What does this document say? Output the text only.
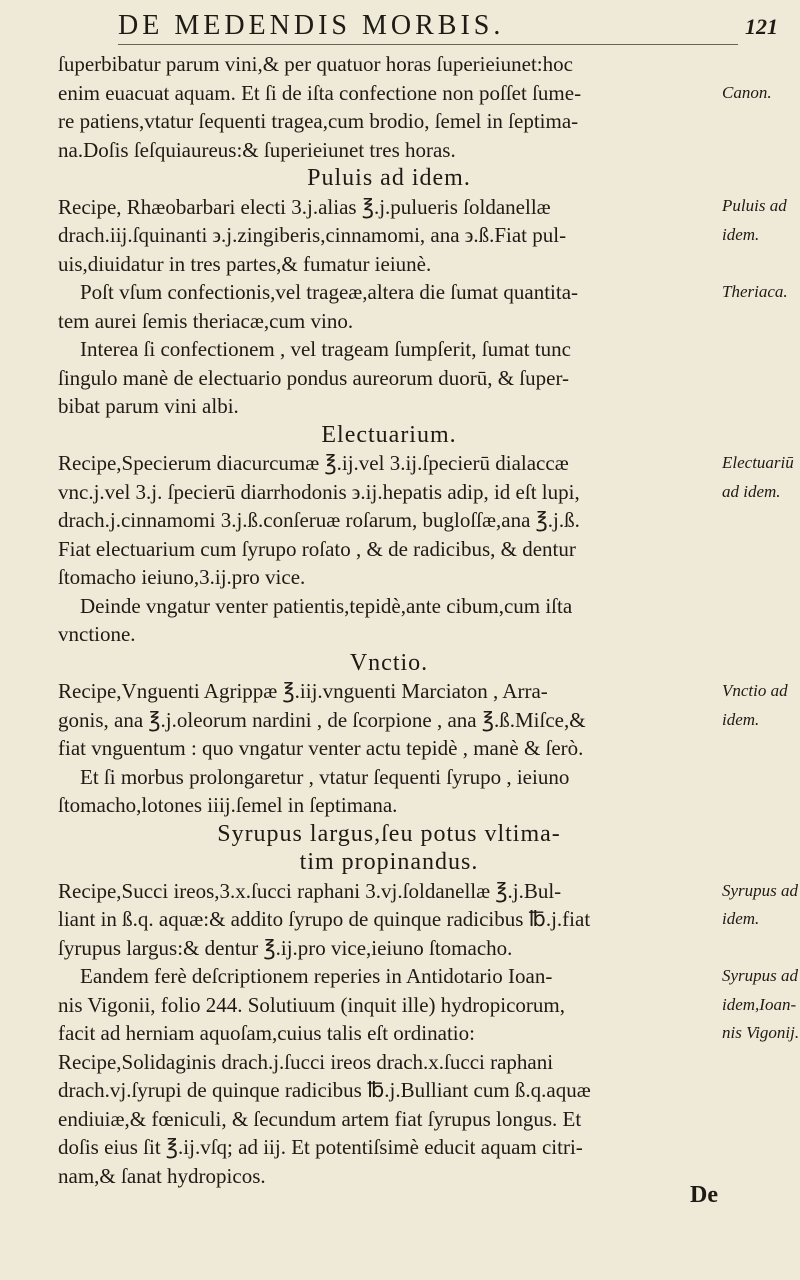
DE MEDENDIS MORBIS.	121
ſuperbibatur parum vini,& per quatuor horas ſuperieiunet:hoc
enim euacuat aquam. Et ſi de iſta confectione non poſſet ſume-
re patiens,vtatur ſequenti tragea,cum brodio, ſemel in ſeptima-
na.Doſis ſeſquiaureus:& ſuperieiunet tres horas.
Puluis ad idem.
Recipe, Rhæobarbari electi 3.j.alias ℥.j.pulueris ſoldanellæ
drach.iij.ſquinanti ϶.j.zingiberis,cinnamomi, ana ϶.ß.Fiat pul-
uis,diuidatur in tres partes,& fumatur ieiunè.
Poſt vſum confectionis,vel trageæ,altera die ſumat quantita-
tem aurei ſemis theriacæ,cum vino.
Interea ſi confectionem , vel trageam ſumpſerit, ſumat tunc
ſingulo manè de electuario pondus aureorum duorū, & ſuper-
bibat parum vini albi.
Electuarium.
Recipe,Specierum diacurcumæ ℥.ij.vel 3.ij.ſpecierū dialaccæ
vnc.j.vel 3.j. ſpecierū diarrhodonis ϶.ij.hepatis adip, id eſt lupi,
drach.j.cinnamomi 3.j.ß.conſeruæ roſarum, bugloſſæ,ana ℥.j.ß.
Fiat electuarium cum ſyrupo roſato , & de radicibus, & dentur
ſtomacho ieiuno,3.ij.pro vice.
Deinde vngatur venter patientis,tepidè,ante cibum,cum iſta
vnctione.
Vnctio.
Recipe,Vnguenti Agrippæ ℥.iij.vnguenti Marciaton , Arra-
gonis, ana ℥.j.oleorum nardini , de ſcorpione , ana ℥.ß.Miſce,&
fiat vnguentum : quo vngatur venter actu tepidè , manè & ſerò.
Et ſi morbus prolongaretur , vtatur ſequenti ſyrupo , ieiuno
ſtomacho,lotones iiij.ſemel in ſeptimana.
Syrupus largus,ſeu potus vltima-
tim propinandus.
Recipe,Succi ireos,3.x.ſucci raphani 3.vj.ſoldanellæ ℥.j.Bul-
liant in ß.q. aquæ:& addito ſyrupo de quinque radicibus ℔.j.fiat
ſyrupus largus:& dentur ℥.ij.pro vice,ieiuno ſtomacho.
Eandem ferè deſcriptionem reperies in Antidotario Ioan-
nis Vigonii, folio 244. Solutiuum (inquit ille) hydropicorum,
facit ad herniam aquoſam,cuius talis eſt ordinatio:
Recipe,Solidaginis drach.j.ſucci ireos drach.x.ſucci raphani
drach.vj.ſyrupi de quinque radicibus ℔.j.Bulliant cum ß.q.aquæ
endiuiæ,& fœniculi, & ſecundum artem fiat ſyrupus longus. Et
doſis eius ſit ℥.ij.vſq; ad iij. Et potentiſsimè educit aquam citri-
nam,& ſanat hydropicos.
Canon.
Puluis ad
idem.
Theriaca.
Electuariū
ad idem.
Vnctio ad
idem.
Syrupus ad
idem.
Syrupus ad
idem,Ioan-
nis Vigonij.
De
